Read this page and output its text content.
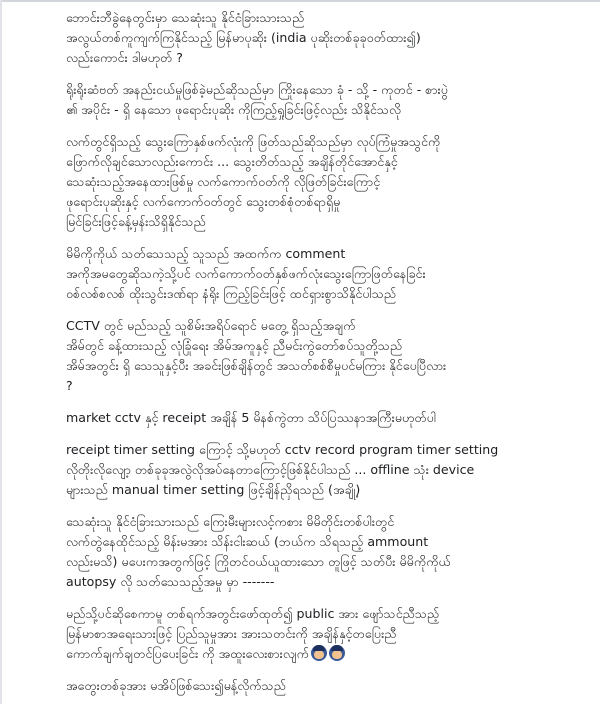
ဘောင်းဘီခွဲနေတွင်းမှာ သေဆုံးသူ နိုင်ငံခြားသားသည်
အလွယ်တစ်ကူကျက်ကြနိုင်သည့် မြန်မာပုဆိုး (india ပုဆိုးတစ်ခုခုဝတ်ထား၍)
လည်းကောင်း ဒါမဟုတ် ?

ရိုးရိုးဆံဗတ် အနည်းငယ်မှုဖြစ်ခဲ့မည်ဆိုသည်မှာ ကြိုးနေသော ခုံ - သို့ - ကုတင် - စားပွဲ
၏ အပိုင်း - ရှိ နေသော ဖုရောင်းပုဆိုး ကိုကြည့်ရှုခြင်းဖြင့်လည်း သိနိုင်သလို

လက်တွင်ရှိသည့် သွေးကြောနှစ်ဖက်လုံးကို ဖြတ်သည်ဆိုသည်မှာ လုပ်ကြံမှုအသွင်ကို
ဖြောက်လိုချင်သောလည်းကောင်း ... သွေးတိတ်သည့် အချိန်တိုင်အောင်နှင့်
သေဆုံးသည့်အနေထားဖြစ်မှု လက်ကောက်ဝတ်ကို လိုဖြတ်ခြင်းကြောင့်
ဖုရောင်းပုဆိုးနှင့် လက်ကောက်ဝတ်တွင် သွေးတစ်စုံတစ်ရာရှိမှု
မြင်ခြင်းဖြင့်ခန့်မှန်းသိရှိနိုင်သည်

မိမိကိုကိုယ် သတ်သေသည့် သူသည် အထက်က comment
အကိုအမတွေဆိုသကဲ့သို့ပင် လက်ကောက်ဝတ်နှစ်ဖက်လုံးသွေးကြောဖြတ်နေခြင်း
ဝစ်လစ်စလစ် ထိုးသွင်းဒဏ်ရာ နံရိုး ကြည့်ခြင်းဖြင့် ထင်ရှားစွာသိနိုင်ပါသည်

CCTV တွင် မည်သည့် သူစိမ်းအရိပ်ရောင် မတွေ့ ရှိသည့်အချက်
အိမ်တွင် ခန့်ထားသည့် လုံခြုံရေး အိမ်အကူနှင့် ညီမင်းကွဲတော်စပ်သူတို့သည်
အိမ်အတွင်း ရှိ သေသူနှင့်ပီး အခင်းဖြစ်ချိန်တွင် အသတ်စစ်စီမှုပင်မကြား နိုင်ပေပြီလား
?

market cctv နှင့် receipt အချိန် 5 မိနစ်ကွဲတာ သိပ်ပြဿနာအကြီးမဟုတ်ပါ

receipt timer setting ကြောင့် သို့မဟုတ် cctv record program timer setting
လိုတိုးလိုလျော့ တစ်ခုခုအလွဲလိုအပ်နေတာကြောင့်ဖြစ်နိုင်ပါသည် ... offline သုံး device
များသည် manual timer setting ဖြင့်ချိန်ညှိရသည် (အချို့)

သေဆုံးသူ နိုင်ငံခြားသားသည် ကြေးမီးများလင့်ကစား မိမိတိုင်းတစ်ပါးတွင်
လက်တွဲနေထိုင်သည့် မိန်းမအား သိန်းငါးဆယ် (ဘယ်က သိရသည့် ammount
လည်းမသိ) မပေးကအတွက်ဖြင့် ကြိုတင်ဝယ်ယူထားသော တူဖြင့် သတ်ပီး မိမိကိုကိုယ်
autopsy လို သတ်သေသည့်အမှု မှာ -------

မည်သို့ပင်ဆိုစေကာမူ တစ်ရက်အတွင်းဖော်ထုတ်၍ public အား ဖျော်သင်ညီသည့်
မြန်မာစာအရေးသားဖြင့် ပြည်သူမှုအား အားသတင်းကို အချိန်နှင့်တပြေးညီ
ကောက်ချက်ချတင်ပြပေးခြင်း ကို အထူးလေးစားလျက်

အတွေးတစ်ခုအား မအိပ်ဖြစ်သေး၍မန့်လိုက်သည်
